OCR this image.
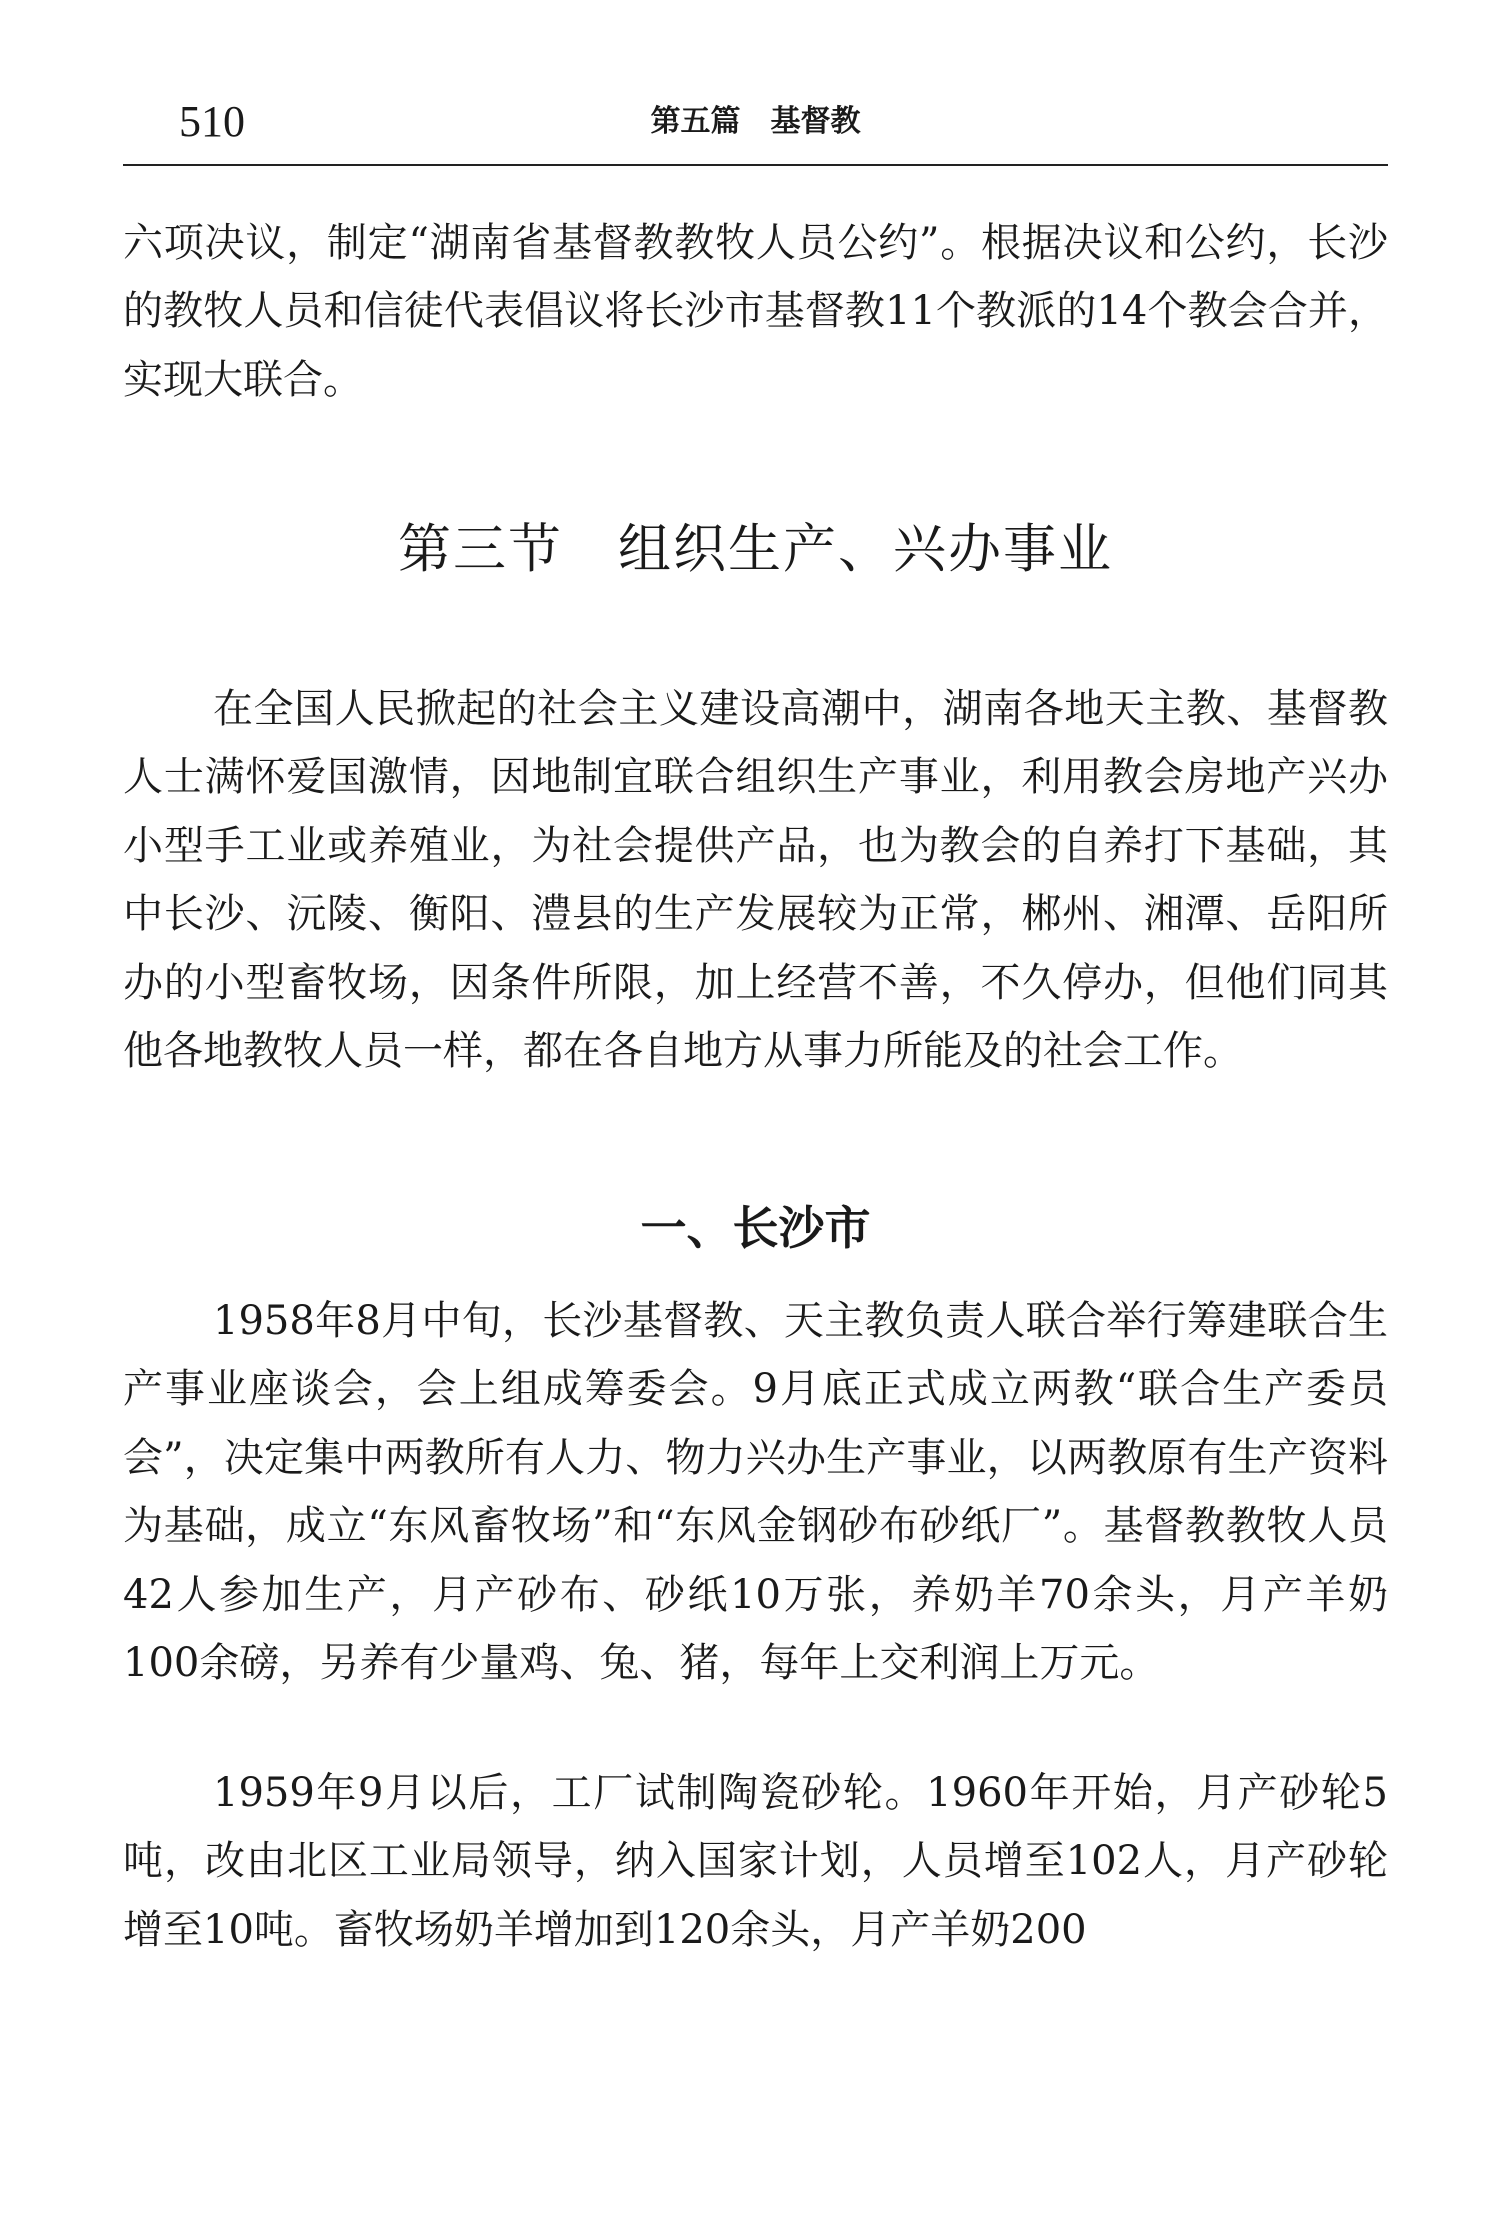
510	第五篇　基督教

六项决议，制定“湖南省基督教教牧人员公约”。根据决议和公约，长沙的教牧人员和信徒代表倡议将长沙市基督教11个教派的14个教会合并，实现大联合。

第三节　组织生产、兴办事业

在全国人民掀起的社会主义建设高潮中，湖南各地天主教、基督教人士满怀爱国激情，因地制宜联合组织生产事业，利用教会房地产兴办小型手工业或养殖业，为社会提供产品，也为教会的自养打下基础，其中长沙、沅陵、衡阳、澧县的生产发展较为正常，郴州、湘潭、岳阳所办的小型畜牧场，因条件所限，加上经营不善，不久停办，但他们同其他各地教牧人员一样，都在各自地方从事力所能及的社会工作。

一、长沙市

1958年8月中旬，长沙基督教、天主教负责人联合举行筹建联合生产事业座谈会，会上组成筹委会。9月底正式成立两教“联合生产委员会”，决定集中两教所有人力、物力兴办生产事业，以两教原有生产资料为基础，成立“东风畜牧场”和“东风金钢砂布砂纸厂”。基督教教牧人员42人参加生产，月产砂布、砂纸10万张，养奶羊70余头，月产羊奶100余磅，另养有少量鸡、兔、猪，每年上交利润上万元。

1959年9月以后，工厂试制陶瓷砂轮。1960年开始，月产砂轮5吨，改由北区工业局领导，纳入国家计划，人员增至102人，月产砂轮增至10吨。畜牧场奶羊增加到120余头，月产羊奶200
